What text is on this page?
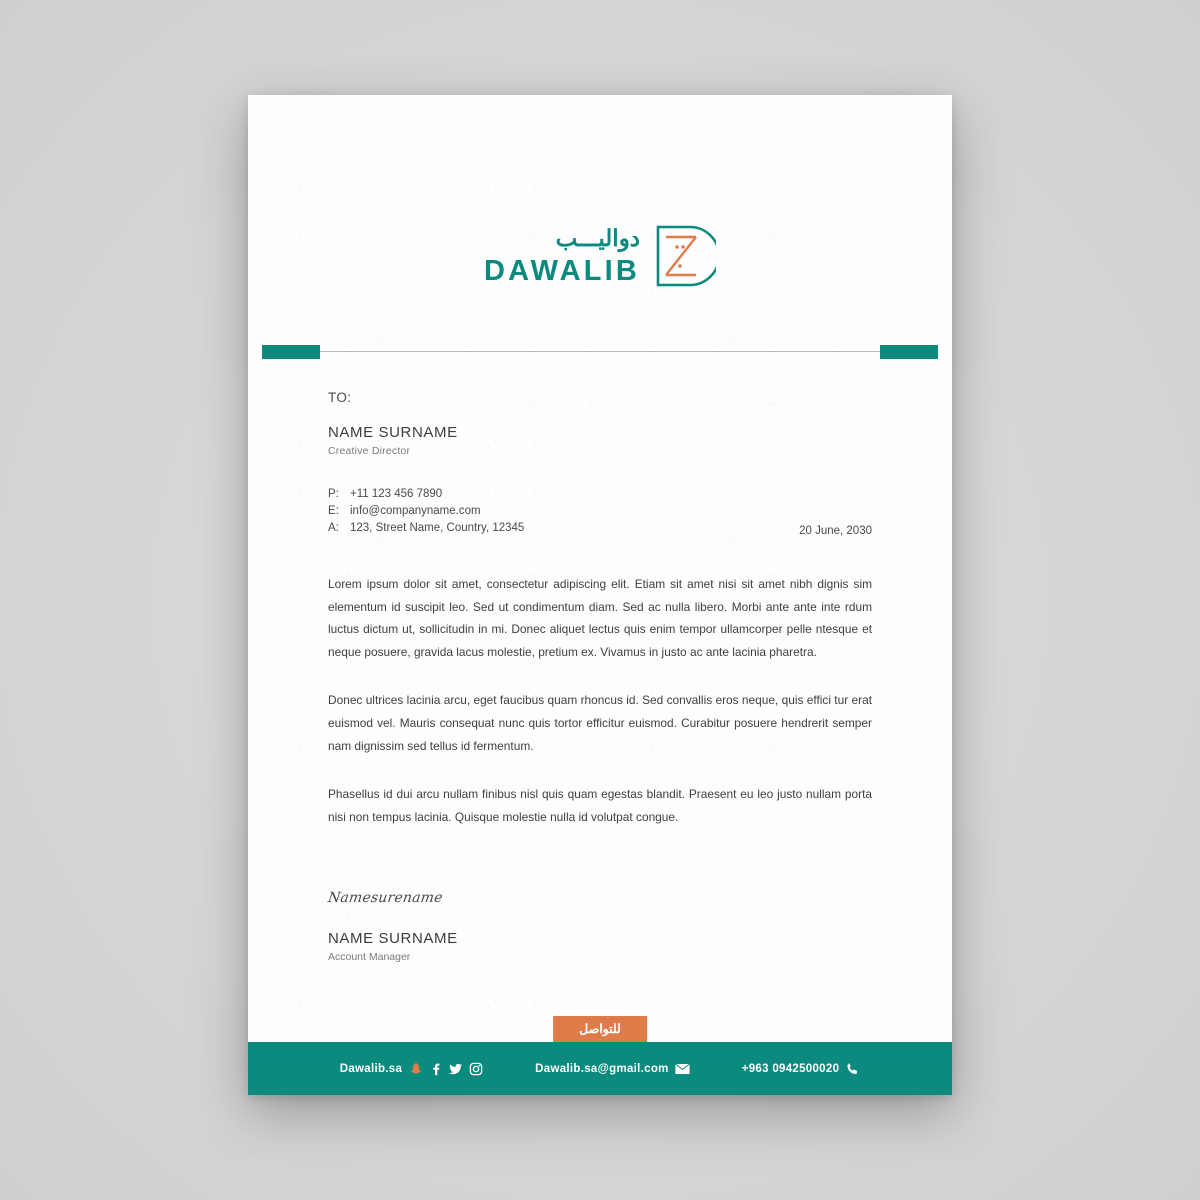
دواليـــب
DAWALIB
TO:
NAME SURNAME
Creative Director
P: +11 123 456 7890
E: info@companyname.com
A: 123, Street Name, Country, 12345	20 June, 2030

Lorem ipsum dolor sit amet, consectetur adipiscing elit. Etiam sit amet nisi sit amet nibh dignis sim elementum id suscipit leo. Sed ut condimentum diam. Sed ac nulla libero. Morbi ante ante inte rdum luctus dictum ut, sollicitudin in mi. Donec aliquet lectus quis enim tempor ullamcorper pelle ntesque et neque posuere, gravida lacus molestie, pretium ex. Vivamus in justo ac ante lacinia pharetra.

Donec ultrices lacinia arcu, eget faucibus quam rhoncus id. Sed convallis eros neque, quis effici tur erat euismod vel. Mauris consequat nunc quis tortor efficitur euismod. Curabitur posuere hendrerit semper nam dignissim sed tellus id fermentum.

Phasellus id dui arcu nullam finibus nisl quis quam egestas blandit. Praesent eu leo justo nullam porta nisi non tempus lacinia. Quisque molestie nulla id volutpat congue.

Namesurename
NAME SURNAME
Account Manager
للتواصل
Dawalib.sa	Dawalib.sa@gmail.com	+963 0942500020
